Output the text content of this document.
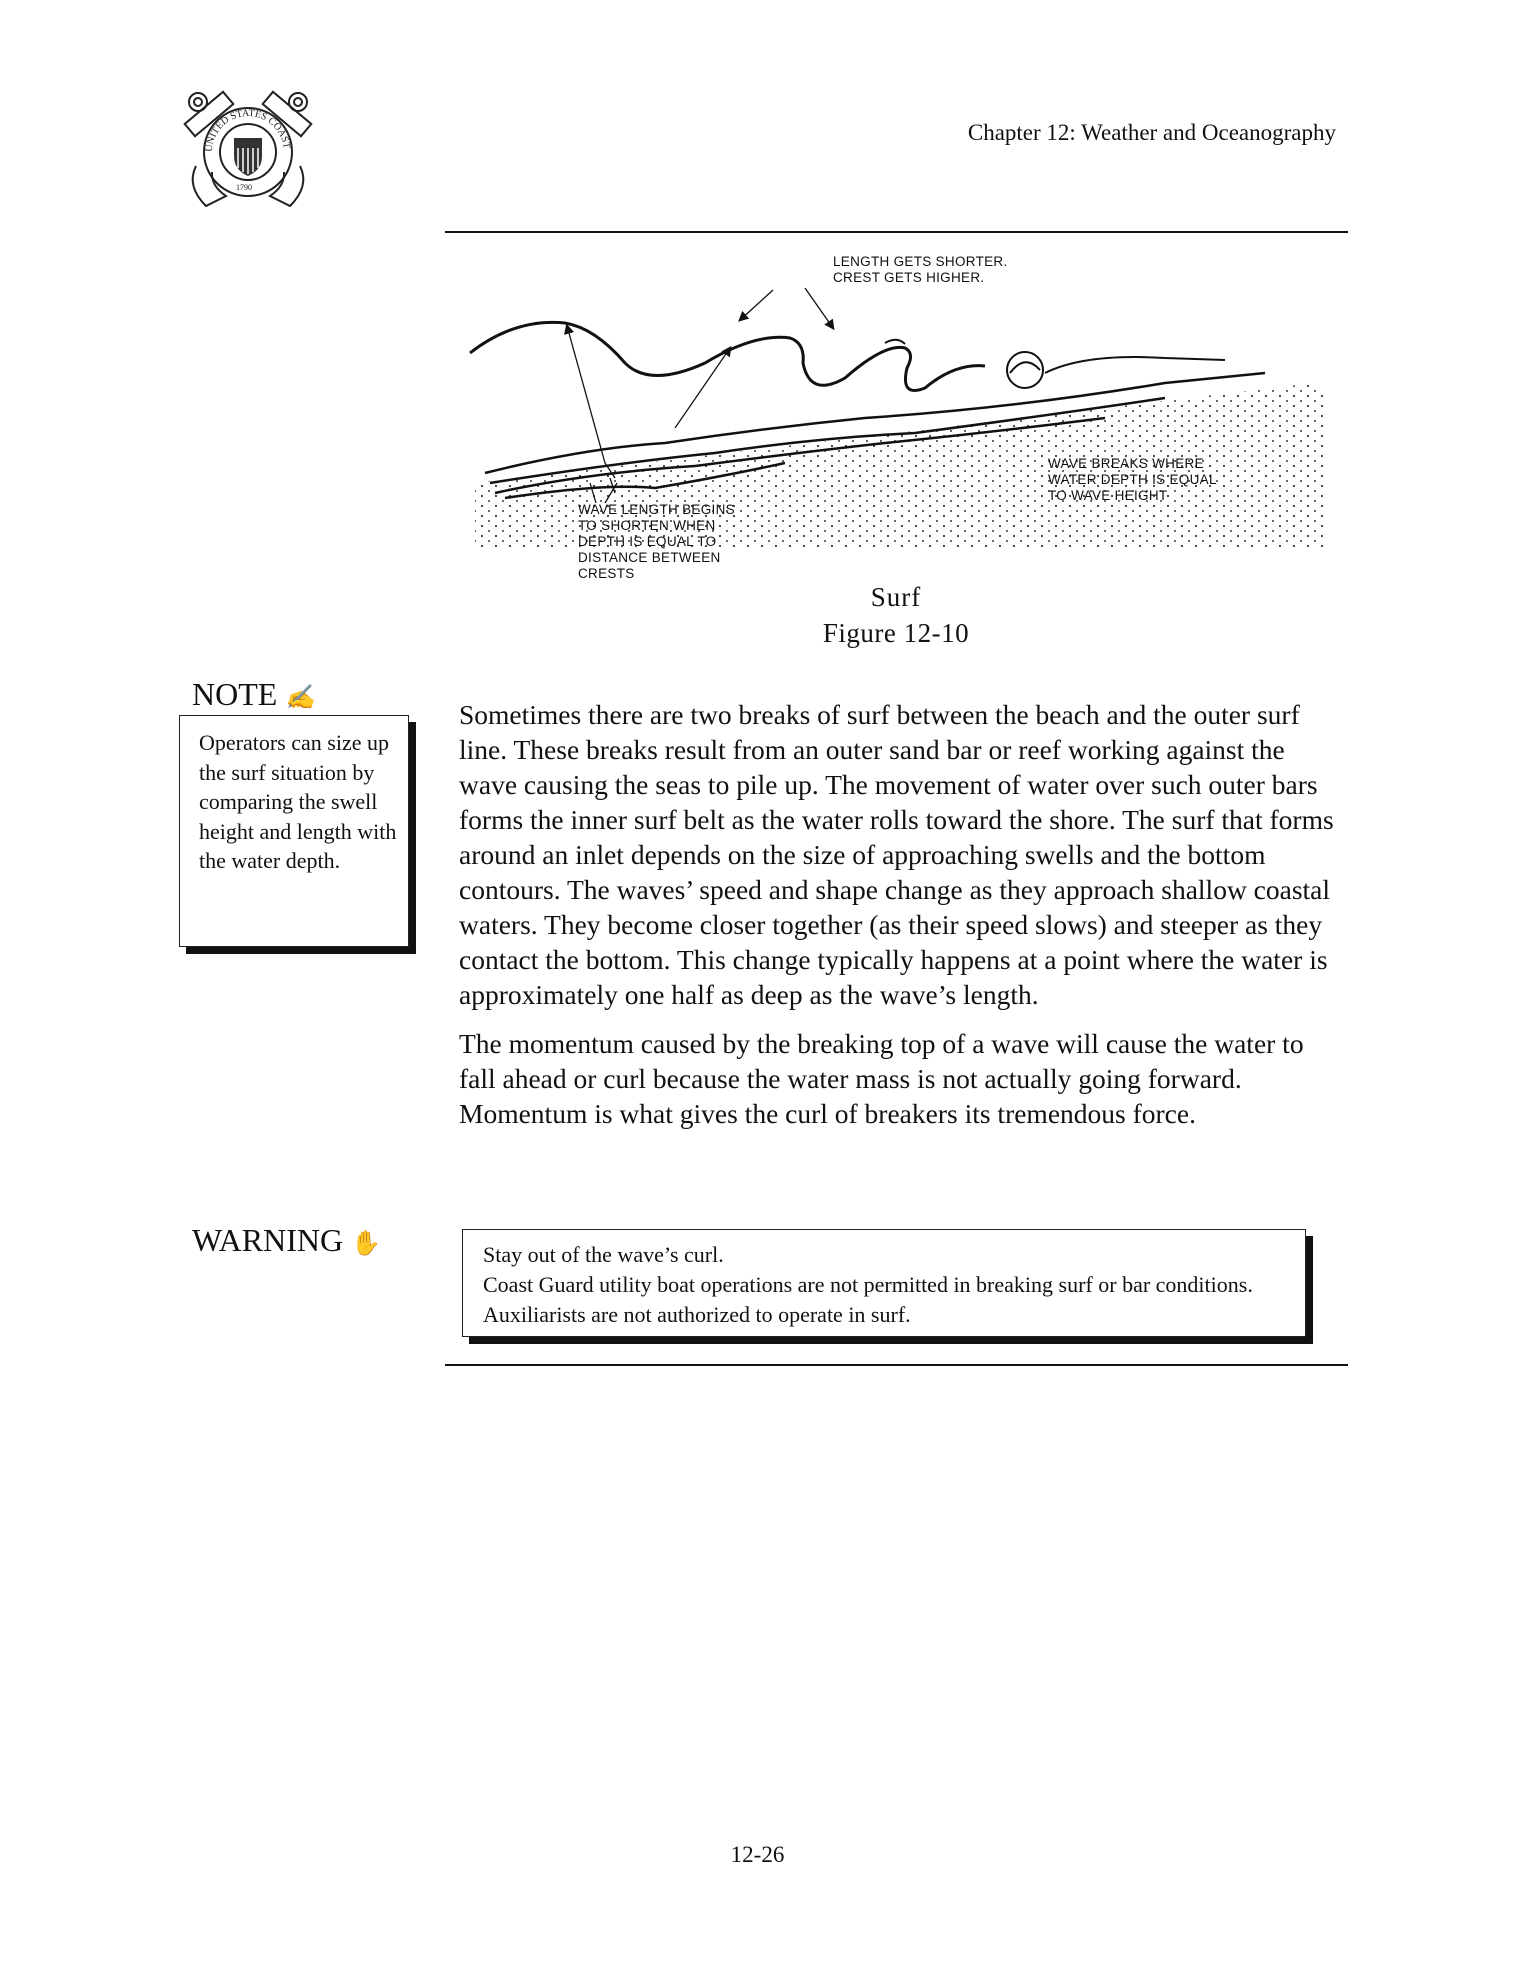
UNITED STATES COAST
1790
Chapter 12: Weather and Oceanography
LENGTH GETS SHORTER.
CREST GETS HIGHER.
WAVE LENGTH BEGINS
TO SHORTEN WHEN
DEPTH IS EQUAL TO
DISTANCE BETWEEN
CRESTS
WAVE BREAKS WHERE
WATER DEPTH IS EQUAL
TO WAVE HEIGHT
Surf
Figure 12-10
NOTE ✍
Operators can size up the surf situation by comparing the swell height and length with the water depth.

Sometimes there are two breaks of surf between the beach and the outer surf line. These breaks result from an outer sand bar or reef working against the wave causing the seas to pile up. The movement of water over such outer bars forms the inner surf belt as the water rolls toward the shore. The surf that forms around an inlet depends on the size of approaching swells and the bottom contours. The waves’ speed and shape change as they approach shallow coastal waters. They become closer together (as their speed slows) and steeper as they contact the bottom. This change typically happens at a point where the water is approximately one half as deep as the wave’s length.

The momentum caused by the breaking top of a wave will cause the water to fall ahead or curl because the water mass is not actually going forward. Momentum is what gives the curl of breakers its tremendous force.

WARNING ✋	Stay out of the wave’s curl.
Coast Guard utility boat operations are not permitted in breaking surf or bar conditions. Auxiliarists are not authorized to operate in surf.
12-26
